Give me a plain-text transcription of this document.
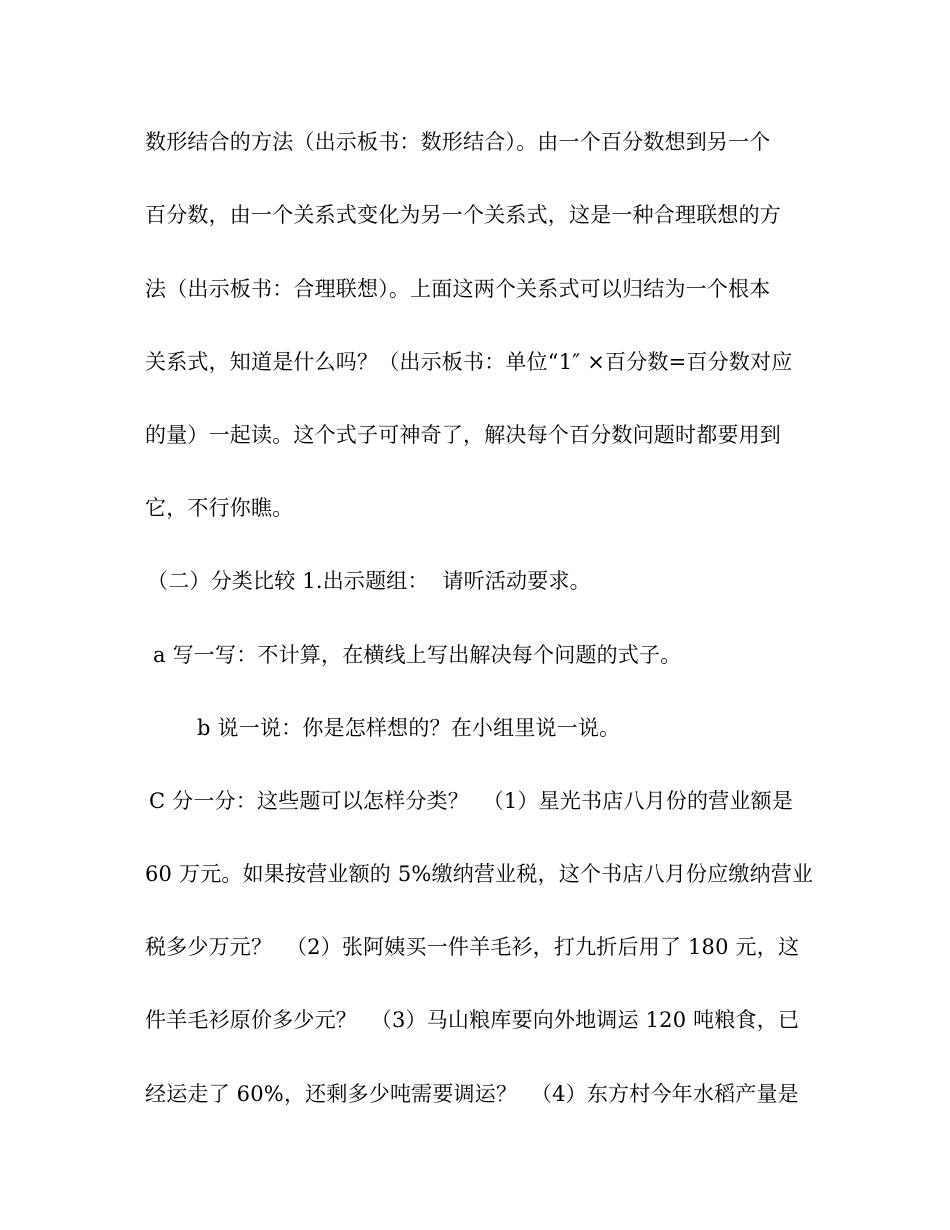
数形结合的方法（出示板书：数形结合）。由一个百分数想到另一个
百分数，由一个关系式变化为另一个关系式，这是一种合理联想的方
法（出示板书：合理联想）。上面这两个关系式可以归结为一个根本
关系式，知道是什么吗？（出示板书：单位“1″ ×百分数=百分数对应
的量）一起读。这个式子可神奇了，解决每个百分数问题时都要用到
它，不行你瞧。
（二）分类比较 1.出示题组：  请听活动要求。
a 写一写：不计算，在横线上写出解决每个问题的式子。
b 说一说：你是怎样想的？在小组里说一说。
C 分一分：这些题可以怎样分类？  （1）星光书店八月份的营业额是
60 万元。如果按营业额的 5%缴纳营业税，这个书店八月份应缴纳营业
税多少万元？  （2）张阿姨买一件羊毛衫，打九折后用了 180 元，这
件羊毛衫原价多少元？  （3）马山粮库要向外地调运 120 吨粮食，已
经运走了 60%，还剩多少吨需要调运？  （4）东方村今年水稻产量是
